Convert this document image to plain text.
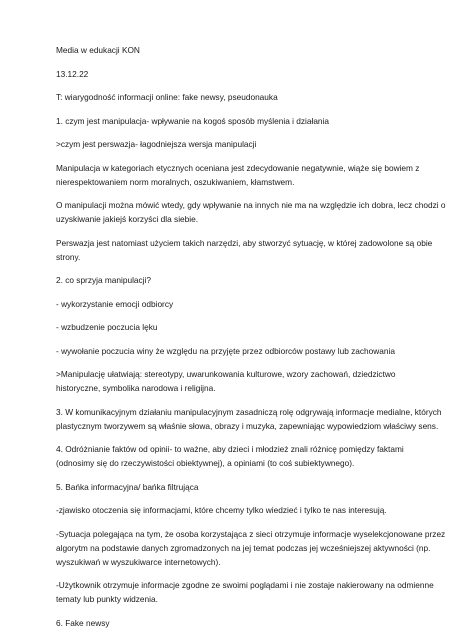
Media w edukacji KON

13.12.22

T: wiarygodność informacji online: fake newsy, pseudonauka

1. czym jest manipulacja- wpływanie na kogoś sposób myślenia i działania

>czym jest perswazja- łagodniejsza wersja manipulacji

Manipulacja w kategoriach etycznych oceniana jest zdecydowanie negatywnie, wiąże się bowiem z
nierespektowaniem norm moralnych, oszukiwaniem, kłamstwem.

O manipulacji można mówić wtedy, gdy wpływanie na innych nie ma na względzie ich dobra, lecz chodzi o
uzyskiwanie jakiejś korzyści dla siebie.

Perswazja jest natomiast użyciem takich narzędzi, aby stworzyć sytuację, w której zadowolone są obie
strony.

2. co sprzyja manipulacji?

- wykorzystanie emocji odbiorcy

- wzbudzenie poczucia lęku

- wywołanie poczucia winy że względu na przyjęte przez odbiorców postawy lub zachowania

>Manipulację ułatwiają: stereotypy, uwarunkowania kulturowe, wzory zachowań, dziedzictwo
historyczne, symbolika narodowa i religijna.

3. W komunikacyjnym działaniu manipulacyjnym zasadniczą rolę odgrywają informacje medialne, których
plastycznym tworzywem są właśnie słowa, obrazy i muzyka, zapewniając wypowiedziom właściwy sens.

4. Odróżnianie faktów od opinii- to ważne, aby dzieci i młodzież znali różnicę pomiędzy faktami
(odnosimy się do rzeczywistości obiektywnej), a opiniami (to coś subiektywnego).

5. Bańka informacyjna/ bańka filtrująca

-zjawisko otoczenia się informacjami, które chcemy tylko wiedzieć i tylko te nas interesują.

-Sytuacja polegająca na tym, że osoba korzystająca z sieci otrzymuje informacje wyselekcjonowane przez
algorytm na podstawie danych zgromadzonych na jej temat podczas jej wcześniejszej aktywności (np.
wyszukiwań w wyszukiwarce internetowych).

-Użytkownik otrzymuje informacje zgodne ze swoimi poglądami i nie zostaje nakierowany na odmienne
tematy lub punkty widzenia.

6. Fake newsy
